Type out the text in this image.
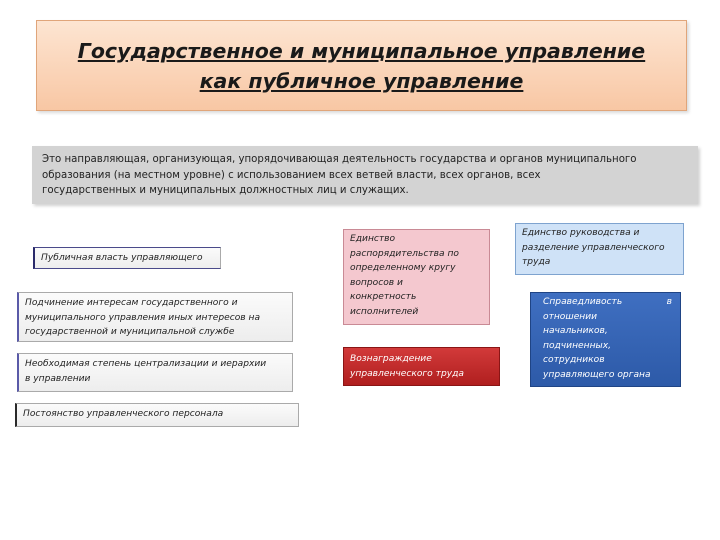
Государственное и муниципальное управление
как публичное управление
Это направляющая, организующая, упорядочивающая деятельность государства и органов муниципального
образования (на местном уровне) с использованием всех ветвей власти, всех органов, всех
государственных и муниципальных должностных лиц и служащих.
Публичная власть управляющего
Подчинение интересам государственного и
муниципального управления иных интересов на
государственной и муниципальной службе
Необходимая степень централизации и иерархии
в управлении
Постоянство управленческого персонала
Единство
распорядительства по
определенному кругу
вопросов и
конкретность
исполнителей
Вознаграждение
управленческого труда
Единство руководства и
разделение управленческого
труда
Справедливость	в
отношении
начальников,
подчиненных,
сотрудников
управляющего органа
